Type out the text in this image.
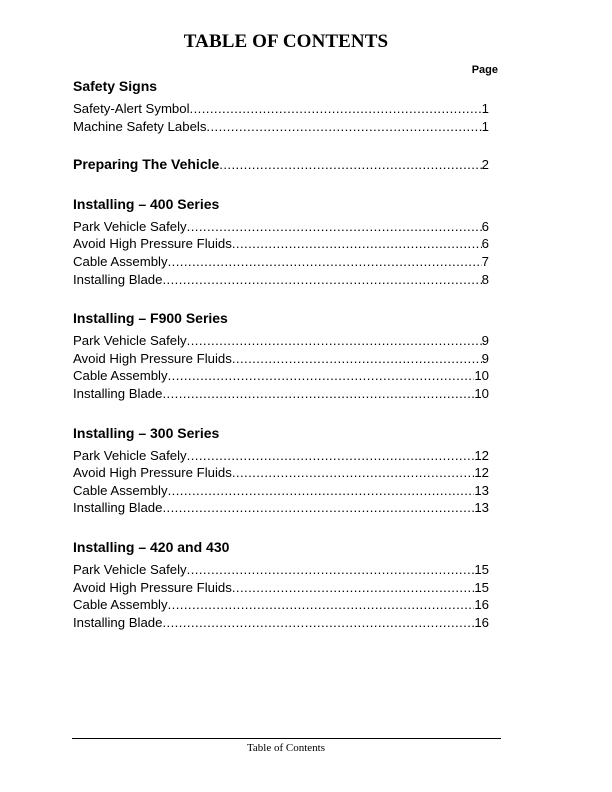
TABLE OF CONTENTS
Page
Safety Signs
Safety-Alert Symbol .....	1
Machine Safety Labels .....	1
Preparing The Vehicle .....	2
Installing – 400 Series
Park Vehicle Safely .....	6
Avoid High Pressure Fluids .....	6
Cable Assembly .....	7
Installing Blade .....	8
Installing – F900 Series
Park Vehicle Safely .....	9
Avoid High Pressure Fluids .....	9
Cable Assembly .....	10
Installing Blade .....	10
Installing – 300 Series
Park Vehicle Safely .....	12
Avoid High Pressure Fluids .....	12
Cable Assembly .....	13
Installing Blade .....	13
Installing – 420 and 430
Park Vehicle Safely .....	15
Avoid High Pressure Fluids .....	15
Cable Assembly .....	16
Installing Blade .....	16
Table of Contents
